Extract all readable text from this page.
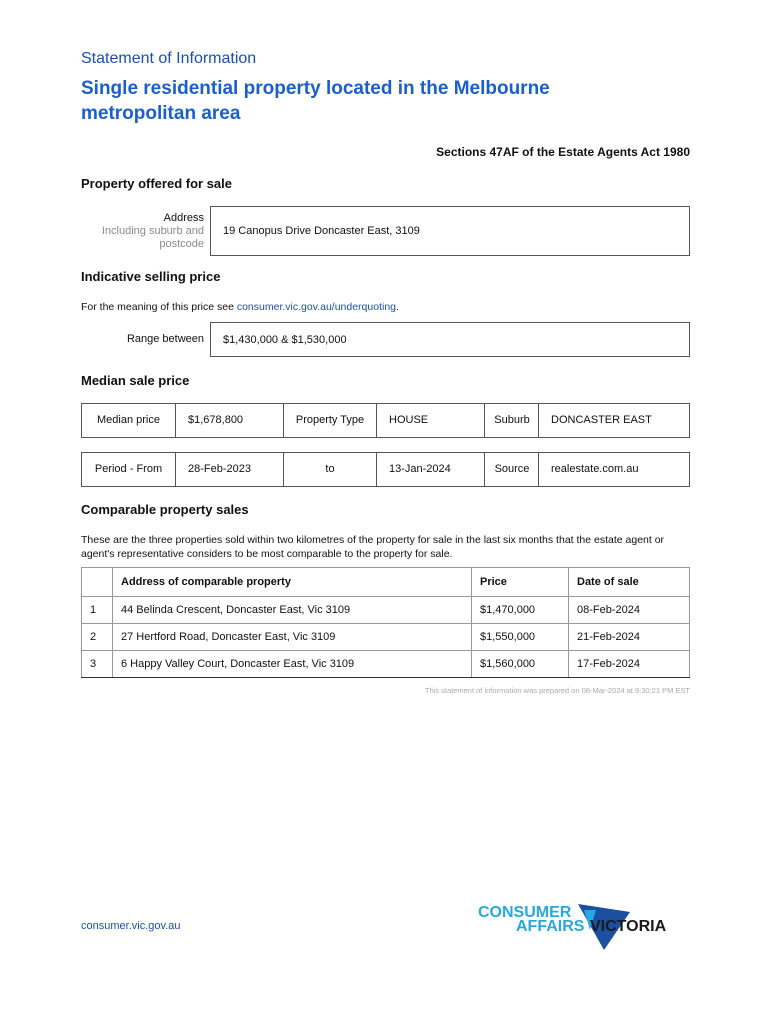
Statement of Information
Single residential property located in the Melbourne metropolitan area
Sections 47AF of the Estate Agents Act 1980
Property offered for sale
Address
Including suburb and postcode
19 Canopus Drive Doncaster East, 3109
Indicative selling price
For the meaning of this price see consumer.vic.gov.au/underquoting.
Range between $1,430,000 & $1,530,000
Median sale price
Median price	$1,678,800	Property Type	HOUSE	Suburb	DONCASTER EAST
Period - From	28-Feb-2023	to	13-Jan-2024	Source	realestate.com.au
Comparable property sales
These are the three properties sold within two kilometres of the property for sale in the last six months that the estate agent or agent's representative considers to be most comparable to the property for sale.
	Address of comparable property	Price	Date of sale
1	44 Belinda Crescent, Doncaster East, Vic 3109	$1,470,000	08-Feb-2024
2	27 Hertford Road, Doncaster East, Vic 3109	$1,550,000	21-Feb-2024
3	6 Happy Valley Court, Doncaster East, Vic 3109	$1,560,000	17-Feb-2024
This statement of information was prepared on 08-Mar-2024 at 9:30:21 PM EST
consumer.vic.gov.au
CONSUMER
AFFAIRS VICTORIA
